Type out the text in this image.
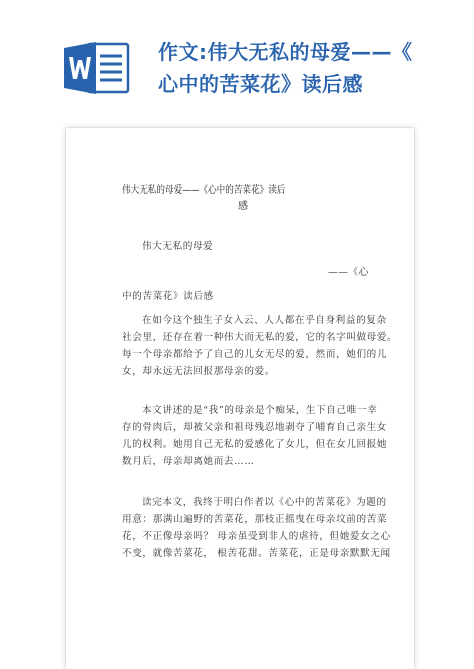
作文:伟大无私的母爱——《
心中的苦菜花》读后感
伟大无私的母爱——《心中的苦菜花》读后
感
伟大无私的母爱
——《心
中的苦菜花》读后感
在如今这个独生子女入云、人人都在乎自身利益的复杂
社会里，还存在着一种伟大而无私的爱，它的名字叫做母爱。
每一个母亲都给予了自己的儿女无尽的爱，然而，她们的儿
女，却永远无法回报那母亲的爱。
本文讲述的是“我”的母亲是个痴呆，生下自己唯一幸
存的骨肉后，却被父亲和祖母残忍地剥夺了哺育自己亲生女
儿的权利。她用自己无私的爱感化了女儿，但在女儿回报她
数月后，母亲却离她而去……
读完本文，我终于明白作者以《心中的苦菜花》为题的
用意：那满山遍野的苦菜花，那枝正摇曳在母亲坟前的苦菜
花，不正像母亲吗？ 母亲虽受到非人的虐待，但她爱女之心
不变，就像苦菜花， 根苦花甜。苦菜花，正是母亲默默无闻
